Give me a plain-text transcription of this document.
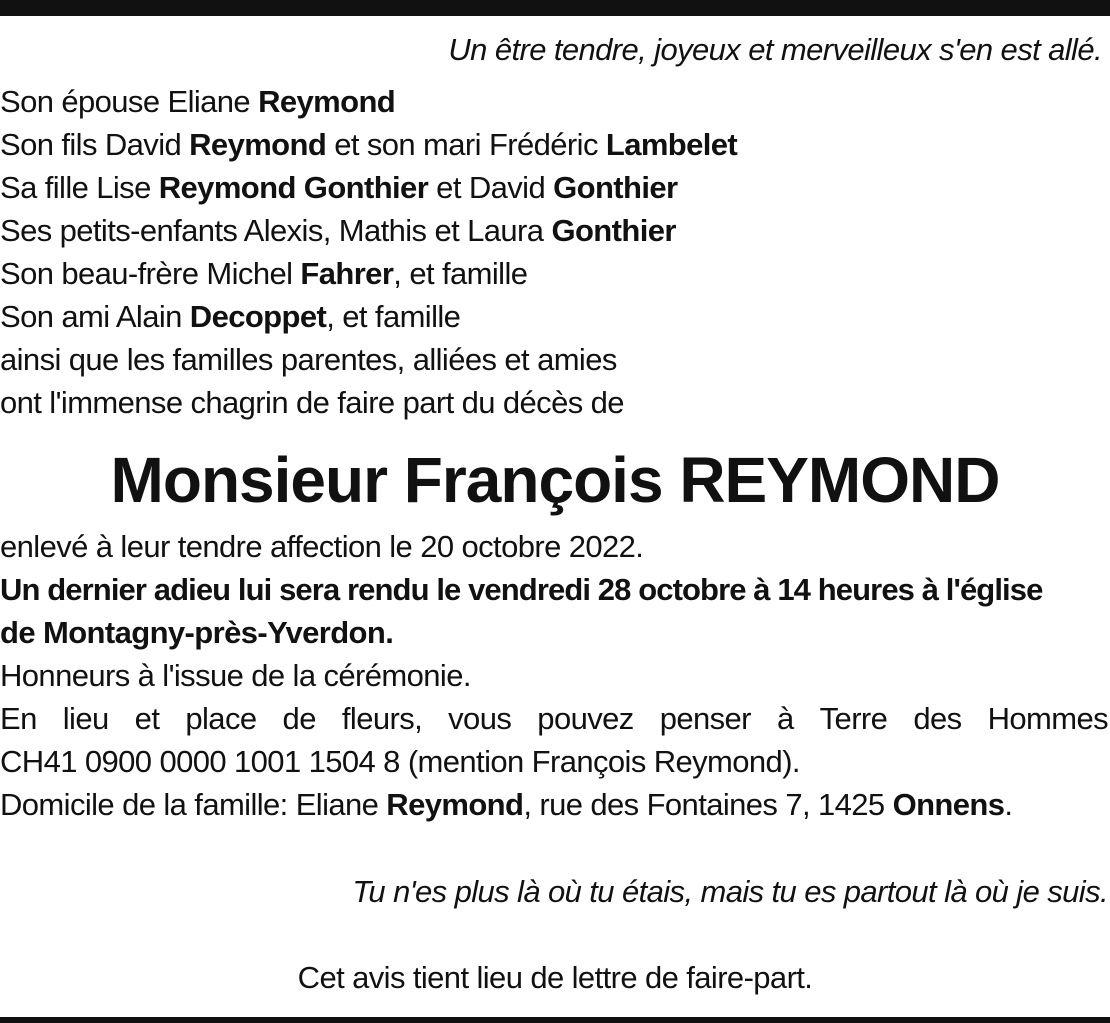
Un être tendre, joyeux et merveilleux s'en est allé.
Son épouse Eliane Reymond
Son fils David Reymond et son mari Frédéric Lambelet
Sa fille Lise Reymond Gonthier et David Gonthier
Ses petits-enfants Alexis, Mathis et Laura Gonthier
Son beau-frère Michel Fahrer, et famille
Son ami Alain Decoppet, et famille
ainsi que les familles parentes, alliées et amies
ont l'immense chagrin de faire part du décès de
Monsieur François REYMOND
enlevé à leur tendre affection le 20 octobre 2022.
Un dernier adieu lui sera rendu le vendredi 28 octobre à 14 heures à l'église
de Montagny-près-Yverdon.
Honneurs à l'issue de la cérémonie.
En lieu et place de fleurs, vous pouvez penser à Terre des Hommes
CH41 0900 0000 1001 1504 8 (mention François Reymond).
Domicile de la famille: Eliane Reymond, rue des Fontaines 7, 1425 Onnens.
Tu n'es plus là où tu étais, mais tu es partout là où je suis.
Cet avis tient lieu de lettre de faire-part.
